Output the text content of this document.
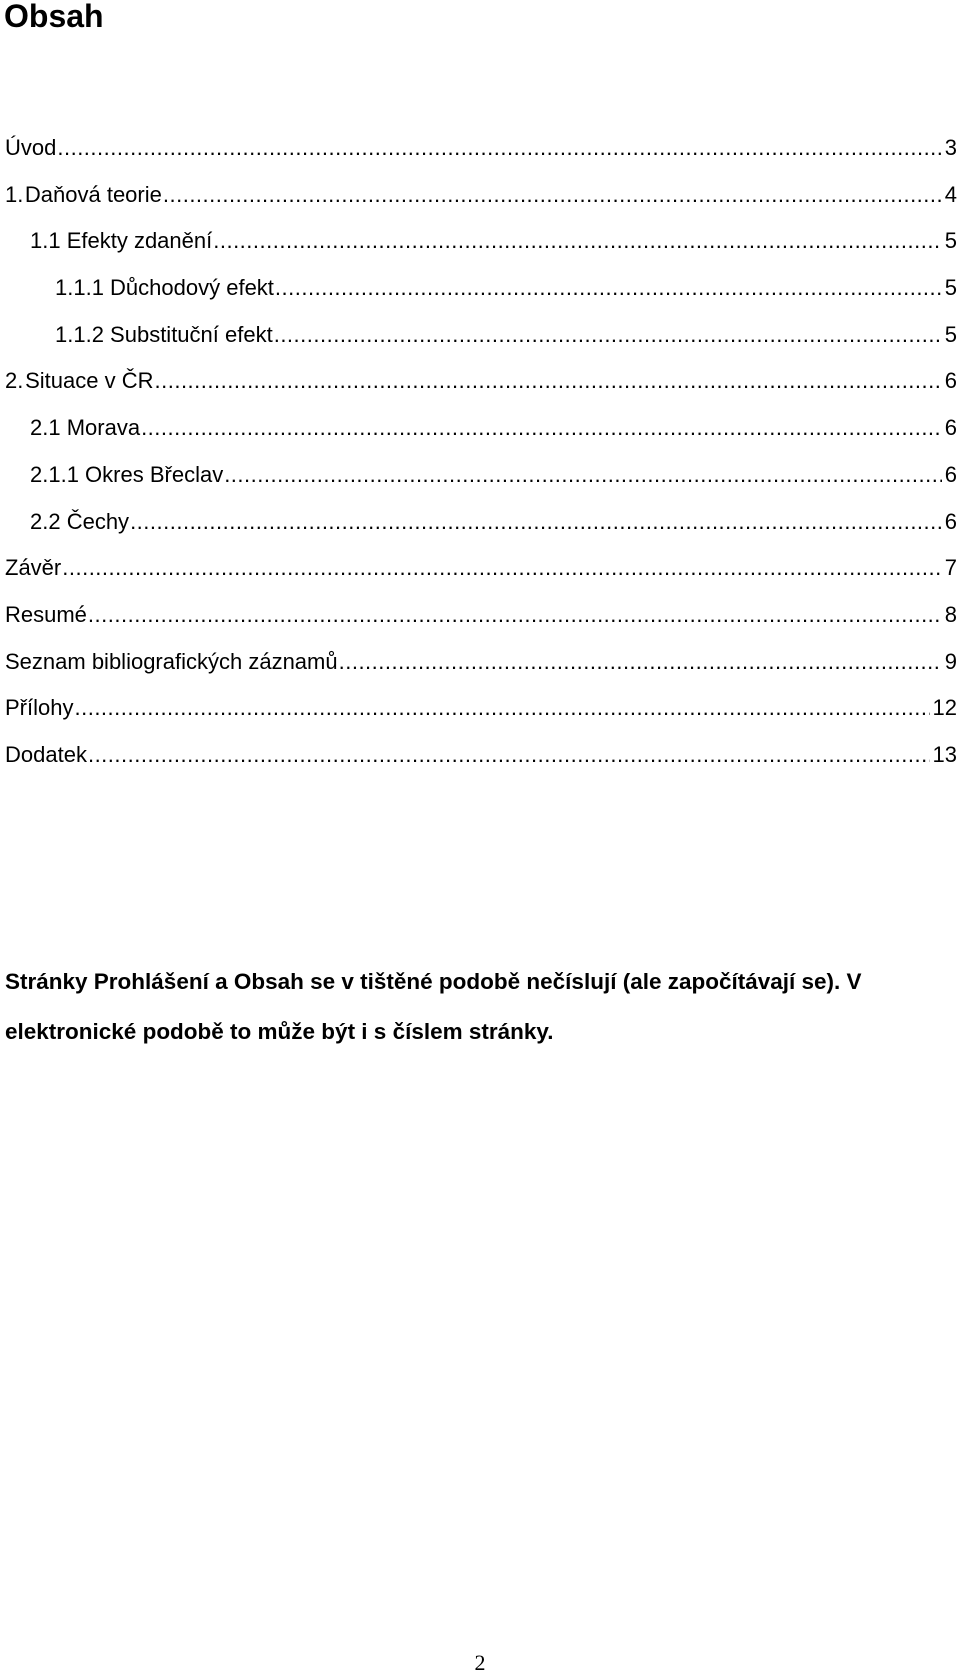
Obsah
Úvod .....	3
1. Daňová teorie .....	4
1.1 Efekty zdanění .....	5
1.1.1 Důchodový efekt .....	5
1.1.2 Substituční efekt .....	5
2. Situace v ČR .....	6
2.1 Morava .....	6
2.1.1 Okres Břeclav .....	6
2.2 Čechy .....	6
Závěr .....	7
Resumé .....	8
Seznam bibliografických záznamů .....	9
Přílohy .....	12
Dodatek .....	13

Stránky Prohlášení a Obsah se v tištěné podobě nečíslují (ale započítávají se). V elektronické podobě to může být i s číslem stránky.

2
